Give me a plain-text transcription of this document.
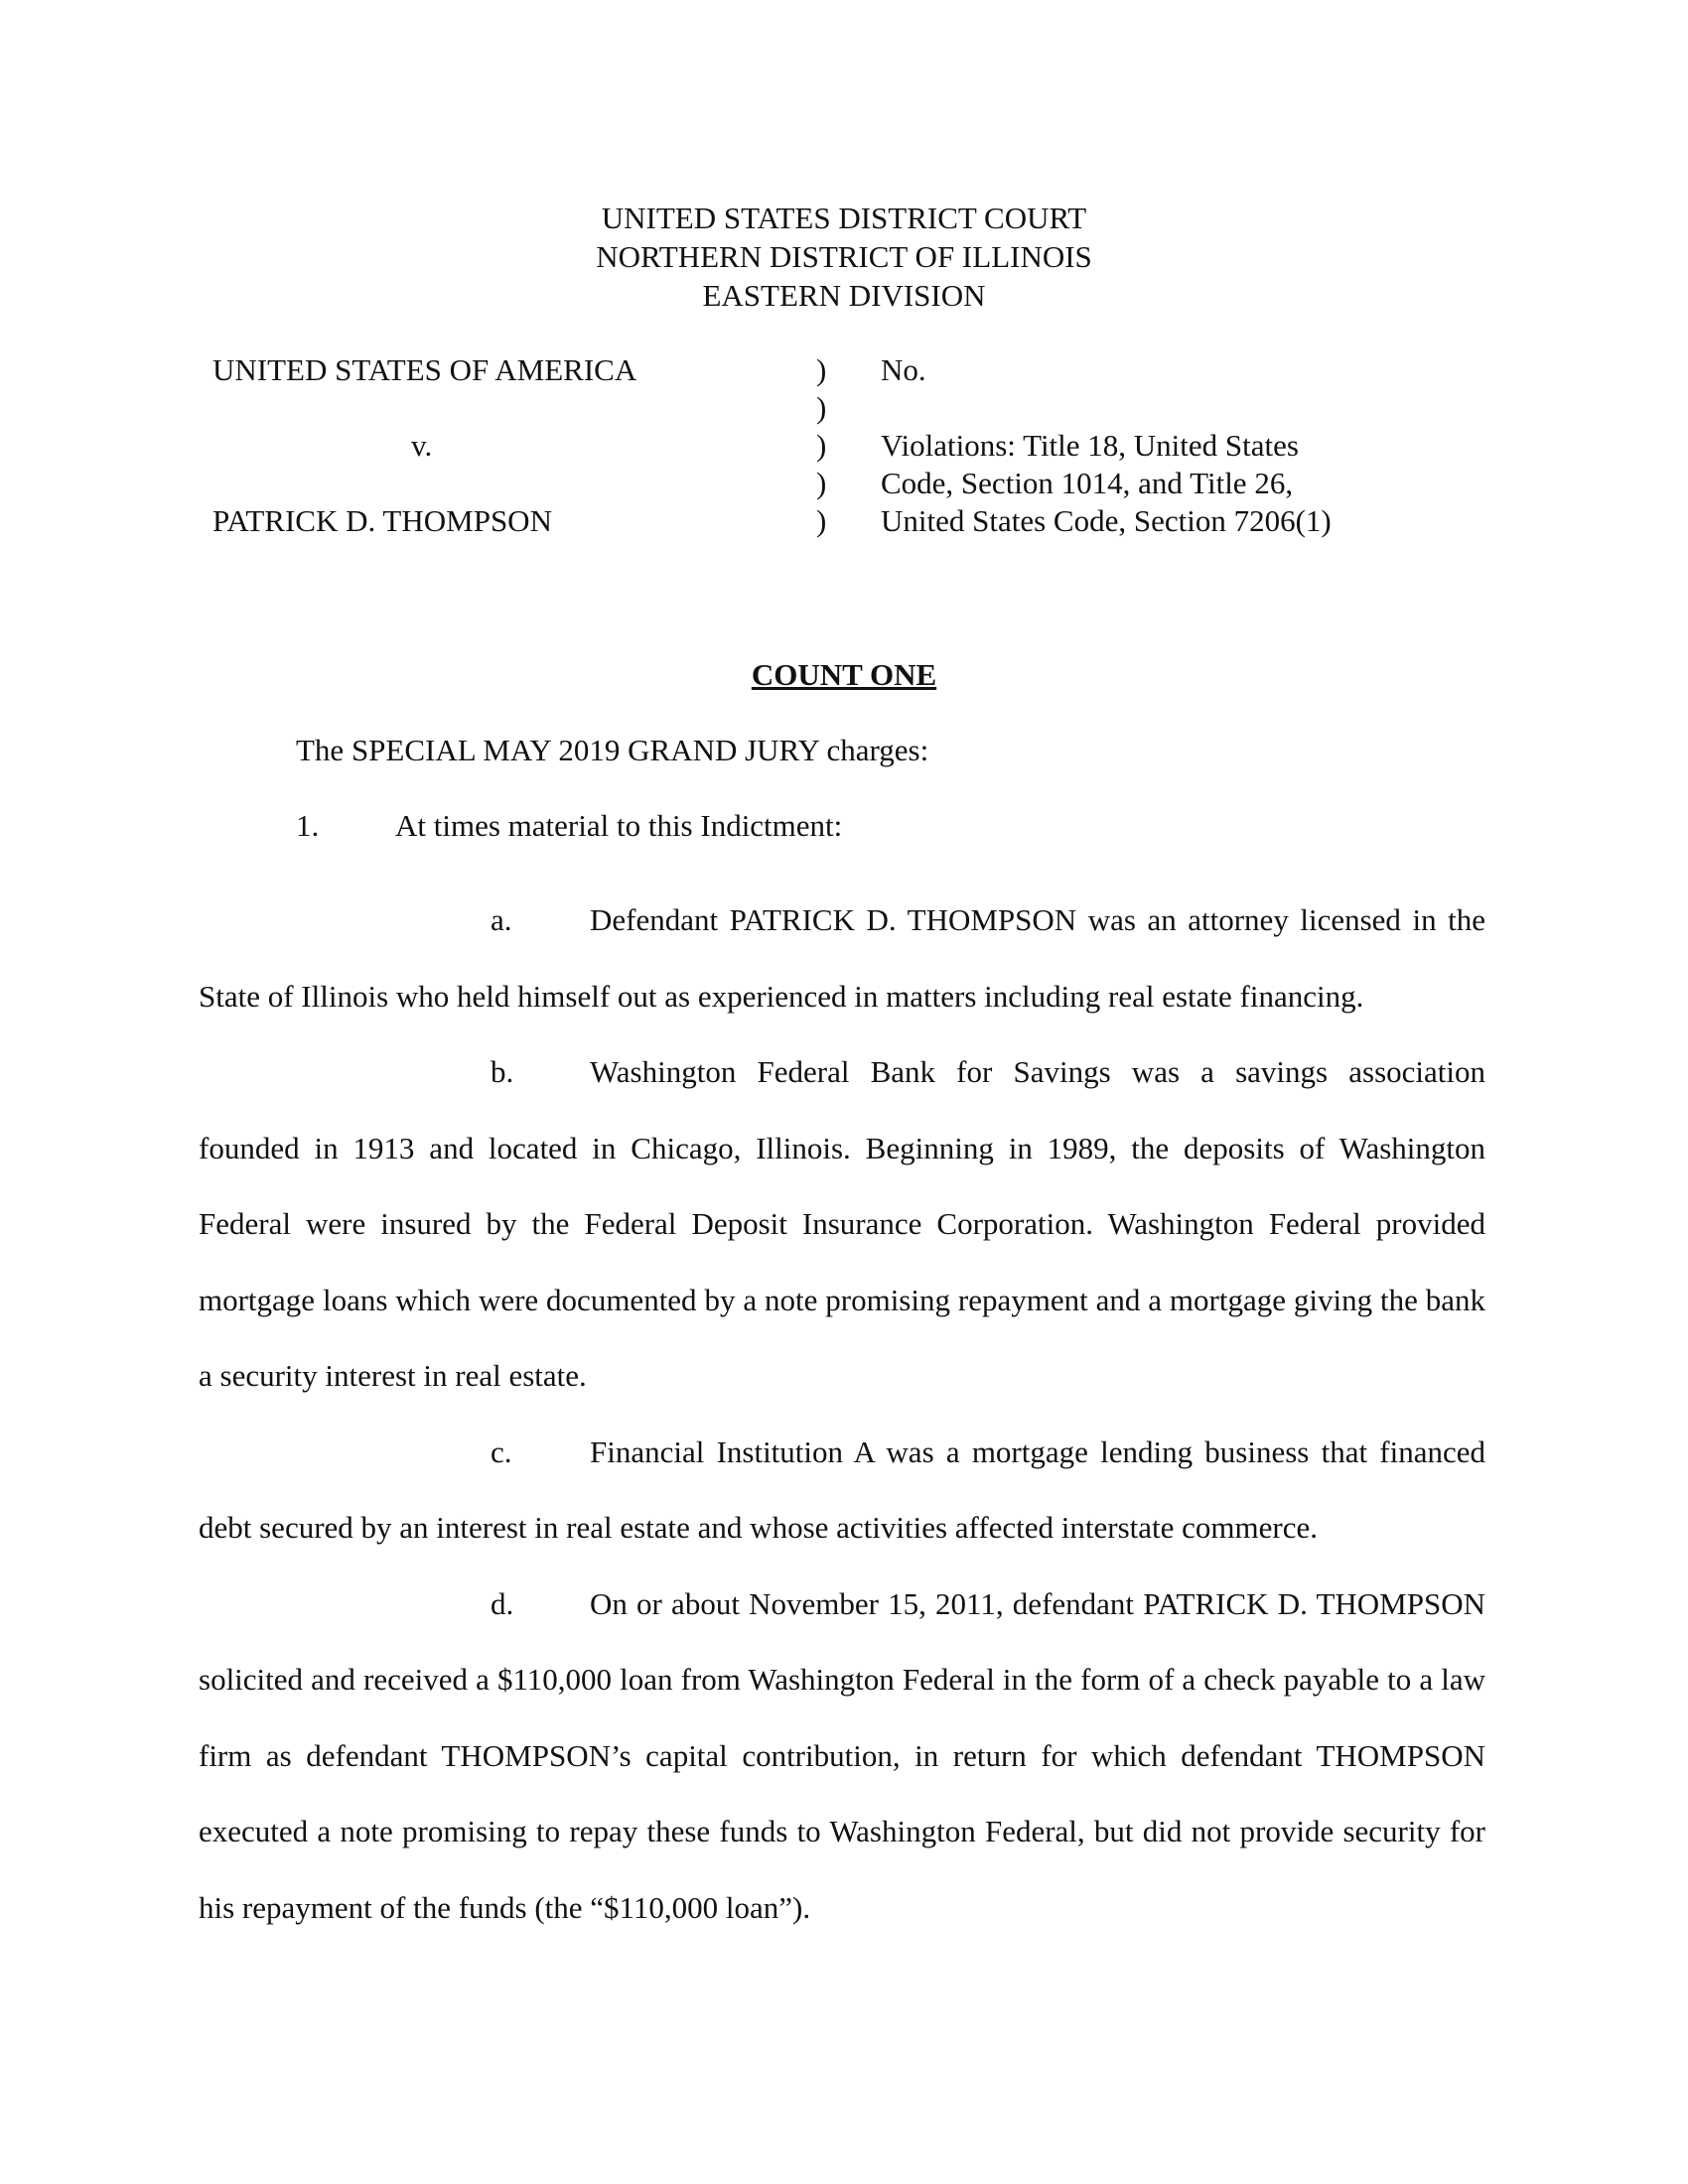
UNITED STATES DISTRICT COURT
NORTHERN DISTRICT OF ILLINOIS
EASTERN DIVISION
UNITED STATES OF AMERICA
v.
PATRICK D. THOMPSON
)
)
)
)
)
No.
Violations: Title 18, United States
Code, Section 1014, and Title 26,
United States Code, Section 7206(1)
COUNT ONE
The SPECIAL MAY 2019 GRAND JURY charges:
1. At times material to this Indictment:

a.	Defendant PATRICK D. THOMPSON was an attorney licensed in the State of Illinois who held himself out as experienced in matters including real estate financing.

b. Washington Federal Bank for Savings was a savings association founded in 1913 and located in Chicago, Illinois. Beginning in 1989, the deposits of Washington Federal were insured by the Federal Deposit Insurance Corporation. Washington Federal provided mortgage loans which were documented by a note promising repayment and a mortgage giving the bank a security interest in real estate.

c.	Financial Institution A was a mortgage lending business that financed debt secured by an interest in real estate and whose activities affected interstate commerce.

d. On or about November 15, 2011, defendant PATRICK D. THOMPSON solicited and received a $110,000 loan from Washington Federal in the form of a check payable to a law firm as defendant THOMPSON’s capital contribution, in return for which defendant THOMPSON executed a note promising to repay these funds to Washington Federal, but did not provide security for his repayment of the funds (the “$110,000 loan”).
